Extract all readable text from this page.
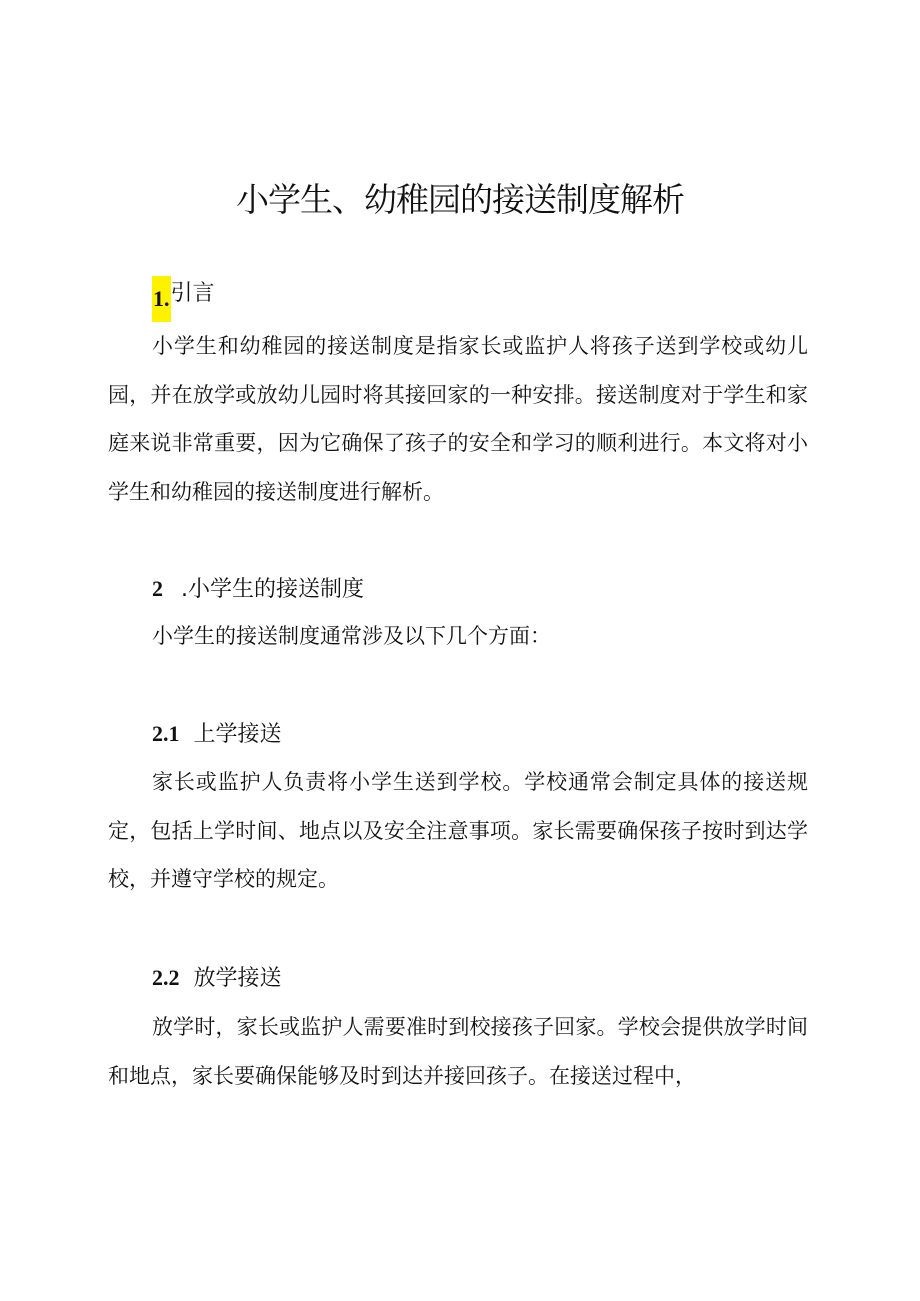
小学生、幼稚园的接送制度解析
1.引言

小学生和幼稚园的接送制度是指家长或监护人将孩子送到学校或幼儿园，并在放学或放幼儿园时将其接回家的一种安排。接送制度对于学生和家庭来说非常重要，因为它确保了孩子的安全和学习的顺利进行。本文将对小学生和幼稚园的接送制度进行解析。

2 .小学生的接送制度

小学生的接送制度通常涉及以下几个方面：

2.1 上学接送

家长或监护人负责将小学生送到学校。学校通常会制定具体的接送规定，包括上学时间、地点以及安全注意事项。家长需要确保孩子按时到达学校，并遵守学校的规定。

2.2 放学接送

放学时，家长或监护人需要准时到校接孩子回家。学校会提供放学时间和地点，家长要确保能够及时到达并接回孩子。在接送过程中，
